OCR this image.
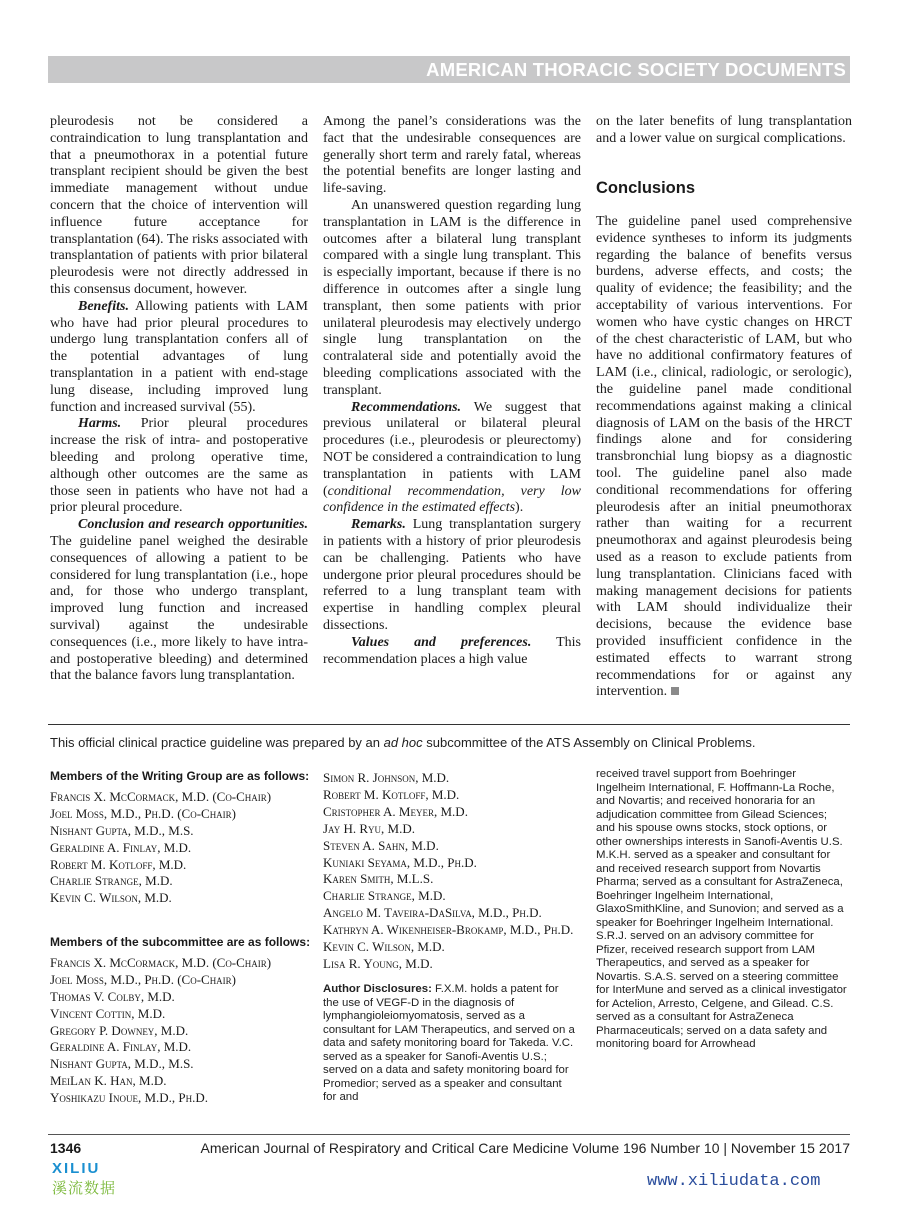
AMERICAN THORACIC SOCIETY DOCUMENTS

pleurodesis not be considered a contraindication to lung transplantation and that a pneumothorax in a potential future transplant recipient should be given the best immediate management without undue concern that the choice of intervention will influence future acceptance for transplantation (64). The risks associated with transplantation of patients with prior bilateral pleurodesis were not directly addressed in this consensus document, however.

Benefits. Allowing patients with LAM who have had prior pleural procedures to undergo lung transplantation confers all of the potential advantages of lung transplantation in a patient with end-stage lung disease, including improved lung function and increased survival (55).

Harms. Prior pleural procedures increase the risk of intra- and postoperative bleeding and prolong operative time, although other outcomes are the same as those seen in patients who have not had a prior pleural procedure.

Conclusion and research opportunities. The guideline panel weighed the desirable consequences of allowing a patient to be considered for lung transplantation (i.e., hope and, for those who undergo transplant, improved lung function and increased survival) against the undesirable consequences (i.e., more likely to have intra- and postoperative bleeding) and determined that the balance favors lung transplantation.

Among the panel’s considerations was the fact that the undesirable consequences are generally short term and rarely fatal, whereas the potential benefits are longer lasting and life-saving.

An unanswered question regarding lung transplantation in LAM is the difference in outcomes after a bilateral lung transplant compared with a single lung transplant. This is especially important, because if there is no difference in outcomes after a single lung transplant, then some patients with prior unilateral pleurodesis may electively undergo single lung transplantation on the contralateral side and potentially avoid the bleeding complications associated with the transplant.

Recommendations. We suggest that previous unilateral or bilateral pleural procedures (i.e., pleurodesis or pleurectomy) NOT be considered a contraindication to lung transplantation in patients with LAM (conditional recommendation, very low confidence in the estimated effects).

Remarks. Lung transplantation surgery in patients with a history of prior pleurodesis can be challenging. Patients who have undergone prior pleural procedures should be referred to a lung transplant team with expertise in handling complex pleural dissections.

Values and preferences. This recommendation places a high value

on the later benefits of lung transplantation and a lower value on surgical complications.

Conclusions

The guideline panel used comprehensive evidence syntheses to inform its judgments regarding the balance of benefits versus burdens, adverse effects, and costs; the quality of evidence; the feasibility; and the acceptability of various interventions. For women who have cystic changes on HRCT of the chest characteristic of LAM, but who have no additional confirmatory features of LAM (i.e., clinical, radiologic, or serologic), the guideline panel made conditional recommendations against making a clinical diagnosis of LAM on the basis of the HRCT findings alone and for considering transbronchial lung biopsy as a diagnostic tool. The guideline panel also made conditional recommendations for offering pleurodesis after an initial pneumothorax rather than waiting for a recurrent pneumothorax and against pleurodesis being used as a reason to exclude patients from lung transplantation. Clinicians faced with making management decisions for patients with LAM should individualize their decisions, because the evidence base provided insufficient confidence in the estimated effects to warrant strong recommendations for or against any intervention.

This official clinical practice guideline was prepared by an ad hoc subcommittee of the ATS Assembly on Clinical Problems.
Members of the Writing Group are as follows:
Francis X. McCormack, M.D. (Co-Chair)
Joel Moss, M.D., Ph.D. (Co-Chair)
Nishant Gupta, M.D., M.S.
Geraldine A. Finlay, M.D.
Robert M. Kotloff, M.D.
Charlie Strange, M.D.
Kevin C. Wilson, M.D.
Members of the subcommittee are as follows:
Francis X. McCormack, M.D. (Co-Chair)
Joel Moss, M.D., Ph.D. (Co-Chair)
Thomas V. Colby, M.D.
Vincent Cottin, M.D.
Gregory P. Downey, M.D.
Geraldine A. Finlay, M.D.
Nishant Gupta, M.D., M.S.
MeiLan K. Han, M.D.
Yoshikazu Inoue, M.D., Ph.D.
Simon R. Johnson, M.D.
Robert M. Kotloff, M.D.
Cristopher A. Meyer, M.D.
Jay H. Ryu, M.D.
Steven A. Sahn, M.D.
Kuniaki Seyama, M.D., Ph.D.
Karen Smith, M.L.S.
Charlie Strange, M.D.
Angelo M. Taveira-DaSilva, M.D., Ph.D.
Kathryn A. Wikenheiser-Brokamp, M.D., Ph.D.
Kevin C. Wilson, M.D.
Lisa R. Young, M.D.
Author Disclosures: F.X.M. holds a patent for the use of VEGF-D in the diagnosis of lymphangioleiomyomatosis, served as a consultant for LAM Therapeutics, and served on a data and safety monitoring board for Takeda. V.C. served as a speaker for Sanofi-Aventis U.S.; served on a data and safety monitoring board for Promedior; served as a speaker and consultant for and
received travel support from Boehringer Ingelheim International, F. Hoffmann-La Roche, and Novartis; and received honoraria for an adjudication committee from Gilead Sciences; and his spouse owns stocks, stock options, or other ownerships interests in Sanofi-Aventis U.S. M.K.H. served as a speaker and consultant for and received research support from Novartis Pharma; served as a consultant for AstraZeneca, Boehringer Ingelheim International, GlaxoSmithKline, and Sunovion; and served as a speaker for Boehringer Ingelheim International. S.R.J. served on an advisory committee for Pfizer, received research support from LAM Therapeutics, and served as a speaker for Novartis. S.A.S. served on a steering committee for InterMune and served as a clinical investigator for Actelion, Arresto, Celgene, and Gilead. C.S. served as a consultant for AstraZeneca Pharmaceuticals; served on a data safety and monitoring board for Arrowhead
1346	American Journal of Respiratory and Critical Care Medicine Volume 196 Number 10 | November 15 2017
XILIU
溪流数据	www.xiliudata.com
